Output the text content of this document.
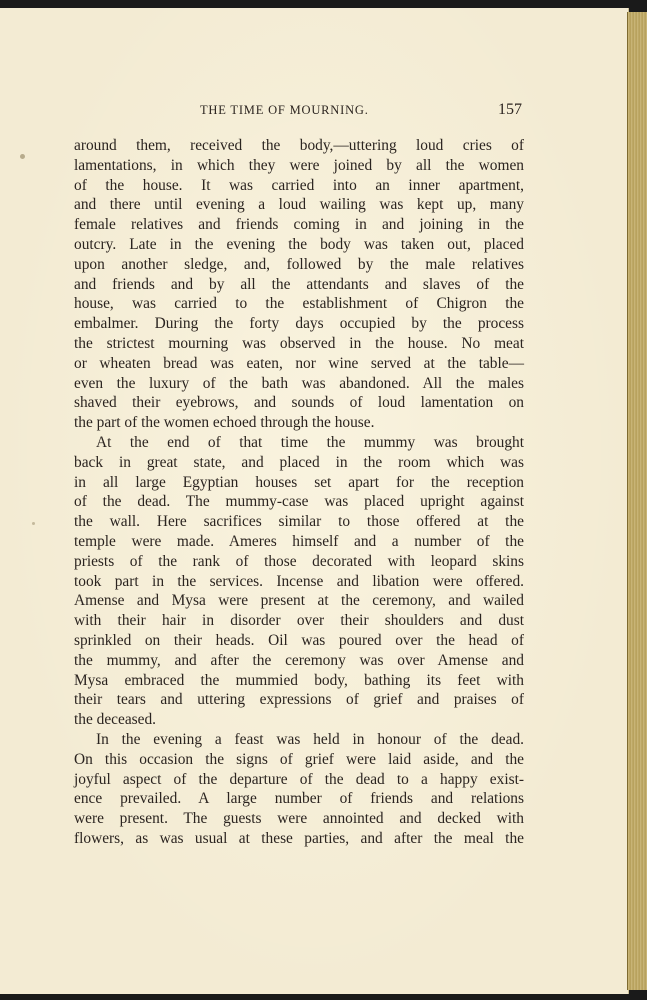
THE TIME OF MOURNING.	157
around them, received the body,—uttering loud cries of
lamentations, in which they were joined by all the women
of the house. It was carried into an inner apartment,
and there until evening a loud wailing was kept up, many
female relatives and friends coming in and joining in the
outcry. Late in the evening the body was taken out, placed
upon another sledge, and, followed by the male relatives
and friends and by all the attendants and slaves of the
house, was carried to the establishment of Chigron the
embalmer. During the forty days occupied by the process
the strictest mourning was observed in the house. No meat
or wheaten bread was eaten, nor wine served at the table—
even the luxury of the bath was abandoned. All the males
shaved their eyebrows, and sounds of loud lamentation on
the part of the women echoed through the house.
At the end of that time the mummy was brought
back in great state, and placed in the room which was
in all large Egyptian houses set apart for the reception
of the dead. The mummy-case was placed upright against
the wall. Here sacrifices similar to those offered at the
temple were made. Ameres himself and a number of the
priests of the rank of those decorated with leopard skins
took part in the services. Incense and libation were offered.
Amense and Mysa were present at the ceremony, and wailed
with their hair in disorder over their shoulders and dust
sprinkled on their heads. Oil was poured over the head of
the mummy, and after the ceremony was over Amense and
Mysa embraced the mummied body, bathing its feet with
their tears and uttering expressions of grief and praises of
the deceased.
In the evening a feast was held in honour of the dead.
On this occasion the signs of grief were laid aside, and the
joyful aspect of the departure of the dead to a happy exist-
ence prevailed. A large number of friends and relations
were present. The guests were annointed and decked with
flowers, as was usual at these parties, and after the meal the
